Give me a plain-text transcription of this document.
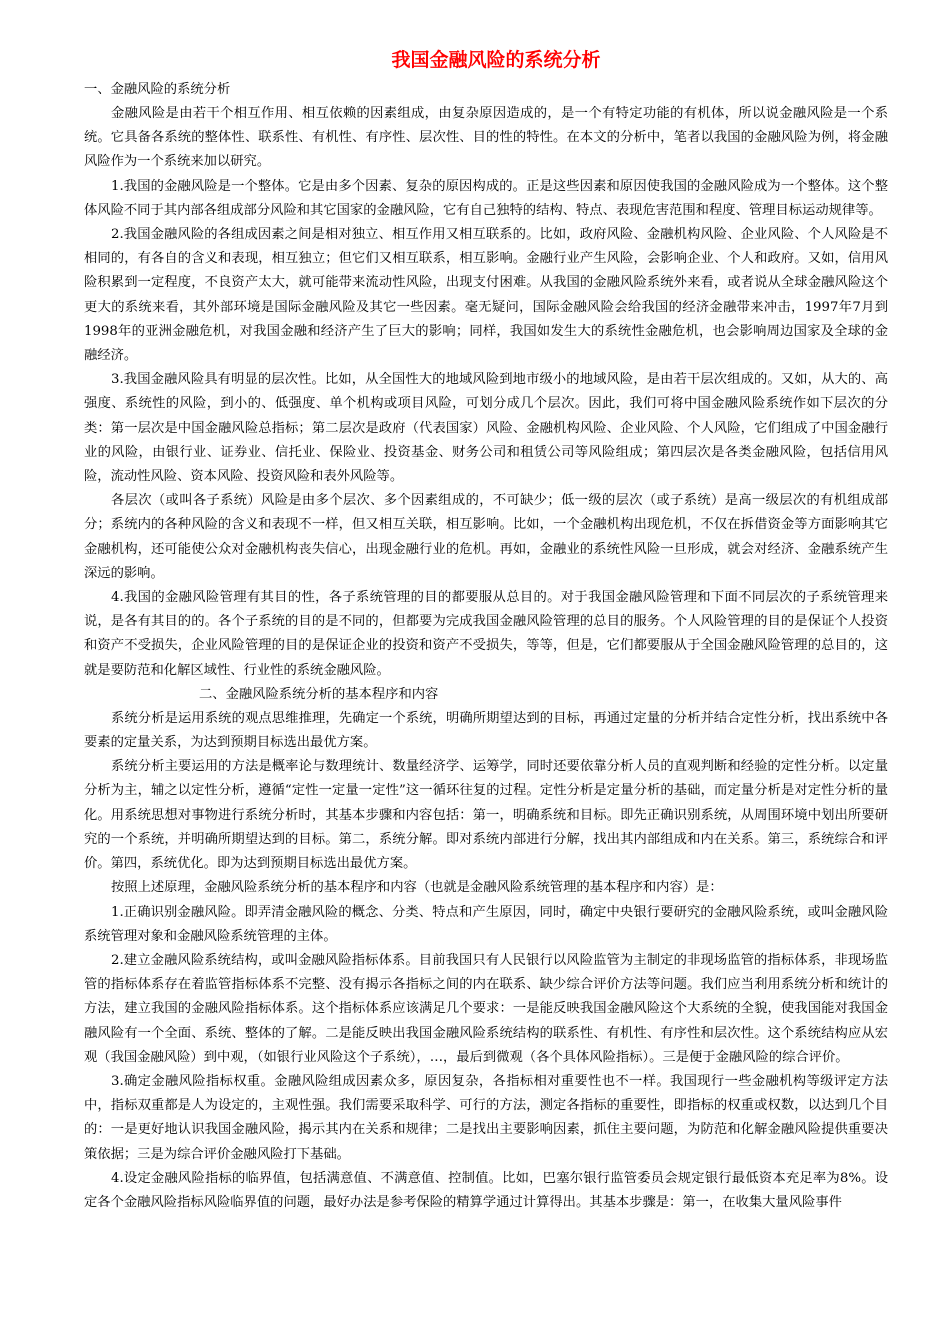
我国金融风险的系统分析

一、金融风险的系统分析

金融风险是由若干个相互作用、相互依赖的因素组成，由复杂原因造成的，是一个有特定功能的有机体，所以说金融风险是一个系统。它具备各系统的整体性、联系性、有机性、有序性、层次性、目的性的特性。在本文的分析中，笔者以我国的金融风险为例，将金融风险作为一个系统来加以研究。

1.我国的金融风险是一个整体。它是由多个因素、复杂的原因构成的。正是这些因素和原因使我国的金融风险成为一个整体。这个整体风险不同于其内部各组成部分风险和其它国家的金融风险，它有自己独特的结构、特点、表现危害范围和程度、管理目标运动规律等。

2.我国金融风险的各组成因素之间是相对独立、相互作用又相互联系的。比如，政府风险、金融机构风险、企业风险、个人风险是不相同的，有各自的含义和表现，相互独立；但它们又相互联系，相互影响。金融行业产生风险，会影响企业、个人和政府。又如，信用风险积累到一定程度，不良资产太大，就可能带来流动性风险，出现支付困难。从我国的金融风险系统外来看，或者说从全球金融风险这个更大的系统来看，其外部环境是国际金融风险及其它一些因素。毫无疑问，国际金融风险会给我国的经济金融带来冲击，1997年7月到1998年的亚洲金融危机，对我国金融和经济产生了巨大的影响；同样，我国如发生大的系统性金融危机，也会影响周边国家及全球的金融经济。

3.我国金融风险具有明显的层次性。比如，从全国性大的地域风险到地市级小的地域风险，是由若干层次组成的。又如，从大的、高强度、系统性的风险，到小的、低强度、单个机构或项目风险，可划分成几个层次。因此，我们可将中国金融风险系统作如下层次的分类：第一层次是中国金融风险总指标；第二层次是政府（代表国家）风险、金融机构风险、企业风险、个人风险，它们组成了中国金融行业的风险，由银行业、证券业、信托业、保险业、投资基金、财务公司和租赁公司等风险组成；第四层次是各类金融风险，包括信用风险，流动性风险、资本风险、投资风险和表外风险等。

各层次（或叫各子系统）风险是由多个层次、多个因素组成的，不可缺少；低一级的层次（或子系统）是高一级层次的有机组成部分；系统内的各种风险的含义和表现不一样，但又相互关联，相互影响。比如，一个金融机构出现危机，不仅在拆借资金等方面影响其它金融机构，还可能使公众对金融机构丧失信心，出现金融行业的危机。再如，金融业的系统性风险一旦形成，就会对经济、金融系统产生深远的影响。

4.我国的金融风险管理有其目的性，各子系统管理的目的都要服从总目的。对于我国金融风险管理和下面不同层次的子系统管理来说，是各有其目的的。各个子系统的目的是不同的，但都要为完成我国金融风险管理的总目的服务。个人风险管理的目的是保证个人投资和资产不受损失，企业风险管理的目的是保证企业的投资和资产不受损失，等等，但是，它们都要服从于全国金融风险管理的总目的，这就是要防范和化解区域性、行业性的系统金融风险。

二、金融风险系统分析的基本程序和内容

系统分析是运用系统的观点思维推理，先确定一个系统，明确所期望达到的目标，再通过定量的分析并结合定性分析，找出系统中各要素的定量关系，为达到预期目标选出最优方案。

系统分析主要运用的方法是概率论与数理统计、数量经济学、运筹学，同时还要依靠分析人员的直观判断和经验的定性分析。以定量分析为主，辅之以定性分析，遵循“定性一定量一定性”这一循环往复的过程。定性分析是定量分析的基础，而定量分析是对定性分析的量化。用系统思想对事物进行系统分析时，其基本步骤和内容包括：第一，明确系统和目标。即先正确识别系统，从周围环境中划出所要研究的一个系统，并明确所期望达到的目标。第二，系统分解。即对系统内部进行分解，找出其内部组成和内在关系。第三，系统综合和评价。第四，系统优化。即为达到预期目标选出最优方案。

按照上述原理，金融风险系统分析的基本程序和内容（也就是金融风险系统管理的基本程序和内容）是：

1.正确识别金融风险。即弄清金融风险的概念、分类、特点和产生原因，同时，确定中央银行要研究的金融风险系统，或叫金融风险系统管理对象和金融风险系统管理的主体。

2.建立金融风险系统结构，或叫金融风险指标体系。目前我国只有人民银行以风险监管为主制定的非现场监管的指标体系，非现场监管的指标体系存在着监管指标体系不完整、没有揭示各指标之间的内在联系、缺少综合评价方法等问题。我们应当利用系统分析和统计的方法，建立我国的金融风险指标体系。这个指标体系应该满足几个要求：一是能反映我国金融风险这个大系统的全貌，使我国能对我国金融风险有一个全面、系统、整体的了解。二是能反映出我国金融风险系统结构的联系性、有机性、有序性和层次性。这个系统结构应从宏观（我国金融风险）到中观，（如银行业风险这个子系统），…，最后到微观（各个具体风险指标）。三是便于金融风险的综合评价。

3.确定金融风险指标权重。金融风险组成因素众多，原因复杂，各指标相对重要性也不一样。我国现行一些金融机构等级评定方法中，指标双重都是人为设定的，主观性强。我们需要采取科学、可行的方法，测定各指标的重要性，即指标的权重或权数，以达到几个目的：一是更好地认识我国金融风险，揭示其内在关系和规律；二是找出主要影响因素，抓住主要问题，为防范和化解金融风险提供重要决策依据；三是为综合评价金融风险打下基础。

4.设定金融风险指标的临界值，包括满意值、不满意值、控制值。比如，巴塞尔银行监管委员会规定银行最低资本充足率为8%。设定各个金融风险指标风险临界值的问题，最好办法是参考保险的精算学通过计算得出。其基本步骤是：第一，在收集大量风险事件
